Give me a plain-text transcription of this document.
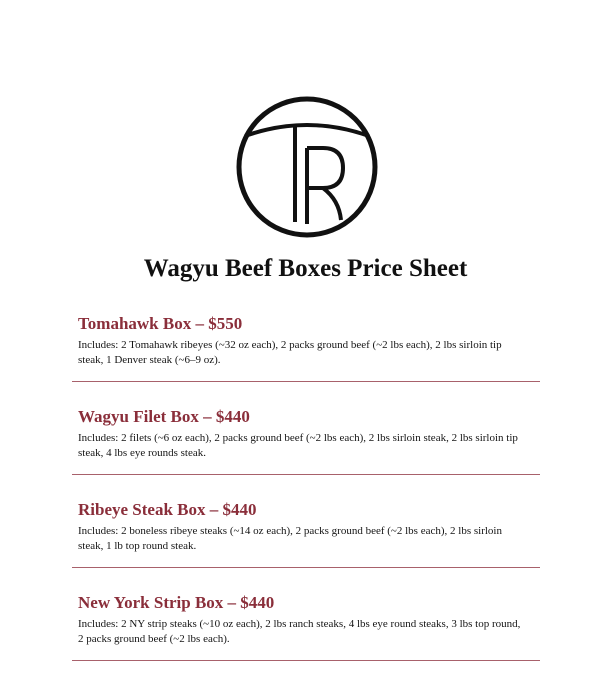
Wagyu Beef Boxes Price Sheet
Tomahawk Box – $550

Includes: 2 Tomahawk ribeyes (~32 oz each), 2 packs ground beef (~2 lbs each), 2 lbs sirloin tip steak, 1 Denver steak (~6–9 oz).

Wagyu Filet Box – $440

Includes: 2 filets (~6 oz each), 2 packs ground beef (~2 lbs each), 2 lbs sirloin steak, 2 lbs sirloin tip steak, 4 lbs eye rounds steak.

Ribeye Steak Box – $440

Includes: 2 boneless ribeye steaks (~14 oz each), 2 packs ground beef (~2 lbs each), 2 lbs sirloin steak, 1 lb top round steak.

New York Strip Box – $440

Includes: 2 NY strip steaks (~10 oz each), 2 lbs ranch steaks, 4 lbs eye round steaks, 3 lbs top round, 2 packs ground beef (~2 lbs each).
